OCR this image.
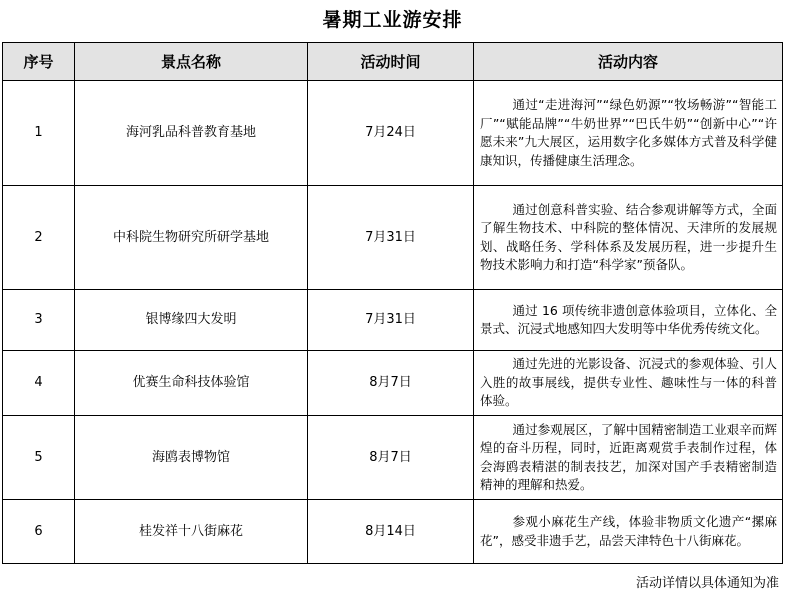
暑期工业游安排
序号	景点名称	活动时间	活动内容
1	海河乳品科普教育基地	7月24日	通过“走进海河”“绿色奶源”“牧场畅游”“智能工厂”“赋能品牌”“牛奶世界”“巴氏牛奶”“创新中心”“许愿未来”九大展区，运用数字化多媒体方式普及科学健康知识，传播健康生活理念。
2	中科院生物研究所研学基地	7月31日	通过创意科普实验、结合参观讲解等方式，全面了解生物技术、中科院的整体情况、天津所的发展规划、战略任务、学科体系及发展历程，进一步提升生物技术影响力和打造“科学家”预备队。
3	银博缘四大发明	7月31日	通过 16 项传统非遗创意体验项目，立体化、全景式、沉浸式地感知四大发明等中华优秀传统文化。
4	优赛生命科技体验馆	8月7日	通过先进的光影设备、沉浸式的参观体验、引人入胜的故事展线，提供专业性、趣味性与一体的科普体验。
5	海鸥表博物馆	8月7日	通过参观展区，了解中国精密制造工业艰辛而辉煌的奋斗历程，同时，近距离观赏手表制作过程，体会海鸥表精湛的制表技艺，加深对国产手表精密制造精神的理解和热爱。
6	桂发祥十八街麻花	8月14日	参观小麻花生产线，体验非物质文化遗产“摞麻花”，感受非遗手艺，品尝天津特色十八街麻花。
活动详情以具体通知为准
